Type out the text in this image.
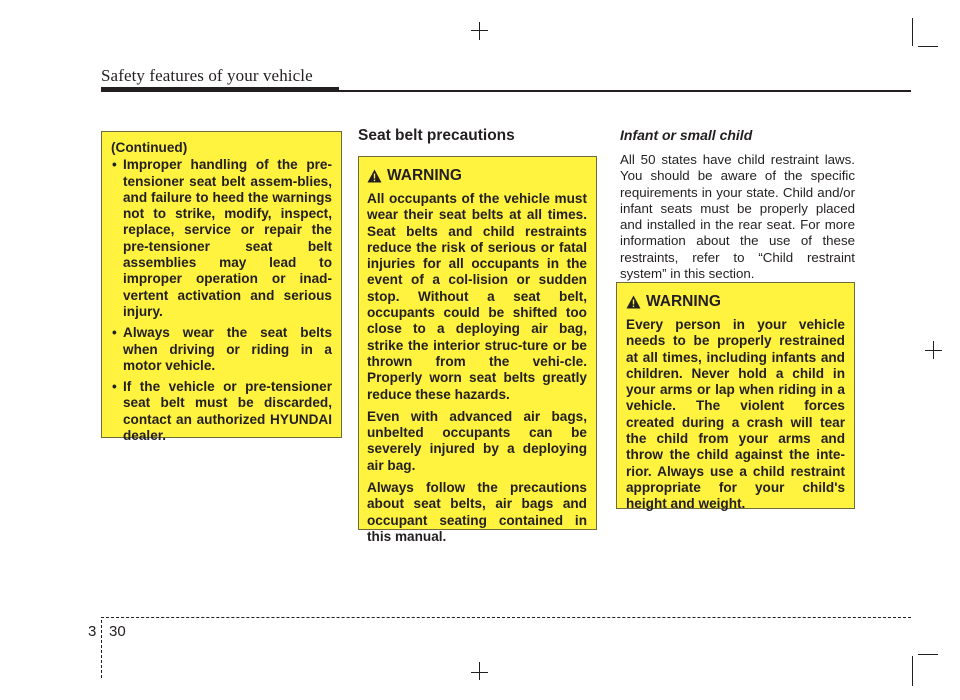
Safety features of your vehicle
(Continued)
• Improper handling of the pre-tensioner seat belt assem-blies, and failure to heed the warnings not to strike, modify, inspect, replace, service or repair the pre-tensioner seat belt assemblies may lead to improper operation or inad-vertent activation and serious injury.
• Always wear the seat belts when driving or riding in a motor vehicle.
• If the vehicle or pre-tensioner seat belt must be discarded, contact an authorized HYUNDAI dealer.
Seat belt precautions
WARNING

All occupants of the vehicle must wear their seat belts at all times. Seat belts and child restraints reduce the risk of serious or fatal injuries for all occupants in the event of a col-lision or sudden stop. Without a seat belt, occupants could be shifted too close to a deploying air bag, strike the interior struc-ture or be thrown from the vehi-cle. Properly worn seat belts greatly reduce these hazards.

Even with advanced air bags, unbelted occupants can be severely injured by a deploying air bag.

Always follow the precautions about seat belts, air bags and occupant seating contained in this manual.

Infant or small child

All 50 states have child restraint laws. You should be aware of the specific requirements in your state. Child and/or infant seats must be properly placed and installed in the rear seat. For more information about the use of these restraints, refer to “Child restraint system” in this section.

WARNING

Every person in your vehicle needs to be properly restrained at all times, including infants and children. Never hold a child in your arms or lap when riding in a vehicle. The violent forces created during a crash will tear the child from your arms and throw the child against the inte-rior. Always use a child restraint appropriate for your child's height and weight.

3 30
